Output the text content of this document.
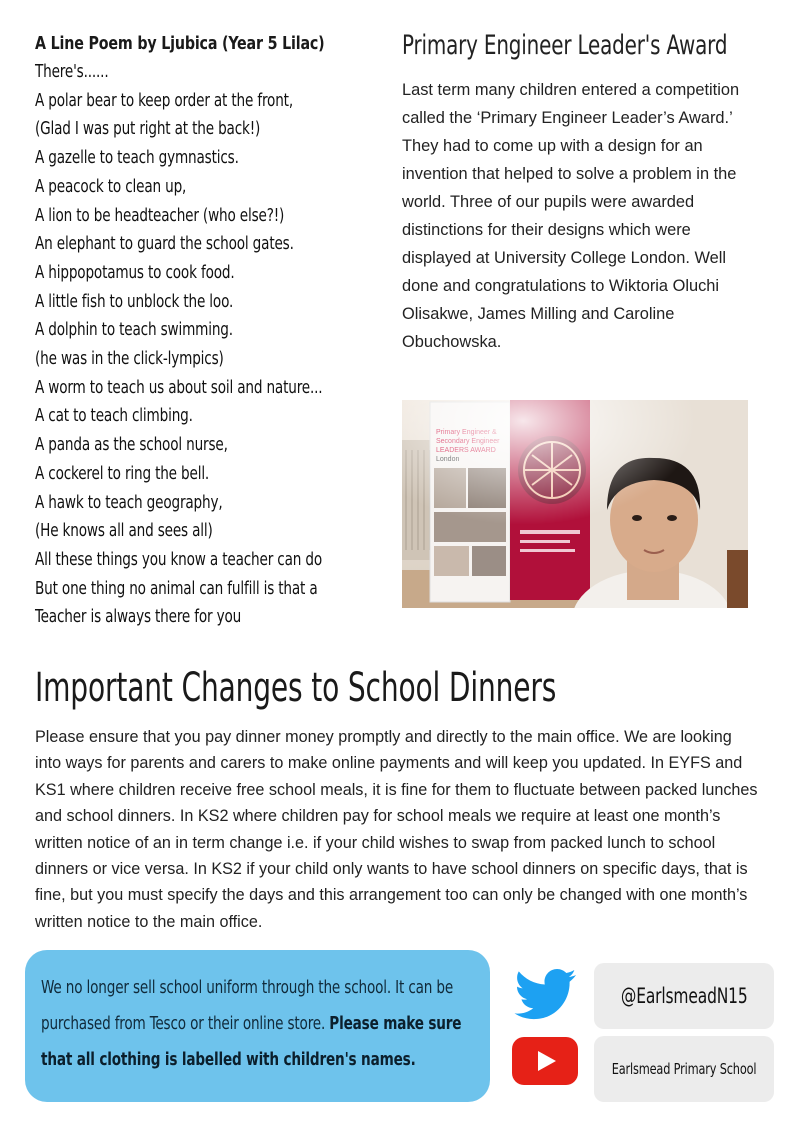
A Line Poem by Ljubica (Year 5 Lilac)
There's......
A polar bear to keep order at the front,
(Glad I was put right at the back!)
A gazelle to teach gymnastics.
A peacock to clean up,
A lion to be headteacher (who else?!)
An elephant to guard the school gates.
A hippopotamus to cook food.
A little fish to unblock the loo.
A dolphin to teach swimming.
(he was in the click-lympics)
A worm to teach us about soil and nature...
A cat to teach climbing.
A panda as the school nurse,
A cockerel to ring the bell.
A hawk to teach geography,
(He knows all and sees all)
All these things you know a teacher can do
But one thing no animal can fulfill is that a
Teacher is always there for you
Primary Engineer Leader's Award

Last term many children entered a competition called the ‘Primary Engineer Leader’s Award.’ They had to come up with a design for an invention that helped to solve a problem in the world. Three of our pupils were awarded distinctions for their designs which were displayed at University College London. Well done and congratulations to Wiktoria Oluchi Olisakwe, James Milling and Caroline Obuchowska.

Important Changes to School Dinners

Please ensure that you pay dinner money promptly and directly to the main office. We are looking into ways for parents and carers to make online payments and will keep you updated. In EYFS and KS1 where children receive free school meals, it is fine for them to fluctuate between packed lunches and school dinners. In KS2 where children pay for school meals we require at least one month’s written notice of an in term change i.e. if your child wishes to swap from packed lunch to school dinners or vice versa. In KS2 if your child only wants to have school dinners on specific days, that is fine, but you must specify the days and this arrangement too can only be changed with one month’s written notice to the main office.

We no longer sell school uniform through the school. It can be purchased from Tesco or their online store. Please make sure that all clothing is labelled with children's names.
@EarlsmeadN15
Earlsmead Primary School
